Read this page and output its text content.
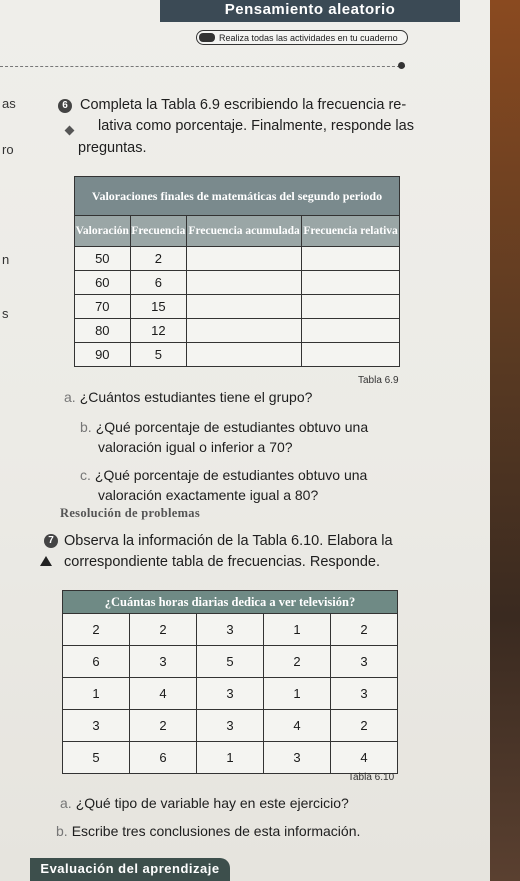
Pensamiento aleatorio
Realiza todas las actividades en tu cuaderno
as
ro
n
s
6 Completa la Tabla 6.9 escribiendo la frecuencia re-
lativa como porcentaje. Finalmente, responde las
preguntas.
Valoraciones finales de matemáticas del segundo periodo			
Valoración	Frecuencia	Frecuencia acumulada	Frecuencia relativa
50	2		
60	6		
70	15		
80	12		
90	5		
Tabla 6.9
a. ¿Cuántos estudiantes tiene el grupo?
b. ¿Qué porcentaje de estudiantes obtuvo una
valoración igual o inferior a 70?
c. ¿Qué porcentaje de estudiantes obtuvo una
valoración exactamente igual a 80?
Resolución de problemas
7 Observa la información de la Tabla 6.10. Elabora la
correspondiente tabla de frecuencias. Responde.
¿Cuántas horas diarias dedica a ver televisión?				
2	2	3	1	2
6	3	5	2	3
1	4	3	1	3
3	2	3	4	2
5	6	1	3	4
Tabla 6.10
a. ¿Qué tipo de variable hay en este ejercicio?
b. Escribe tres conclusiones de esta información.
Evaluación del aprendizaje
